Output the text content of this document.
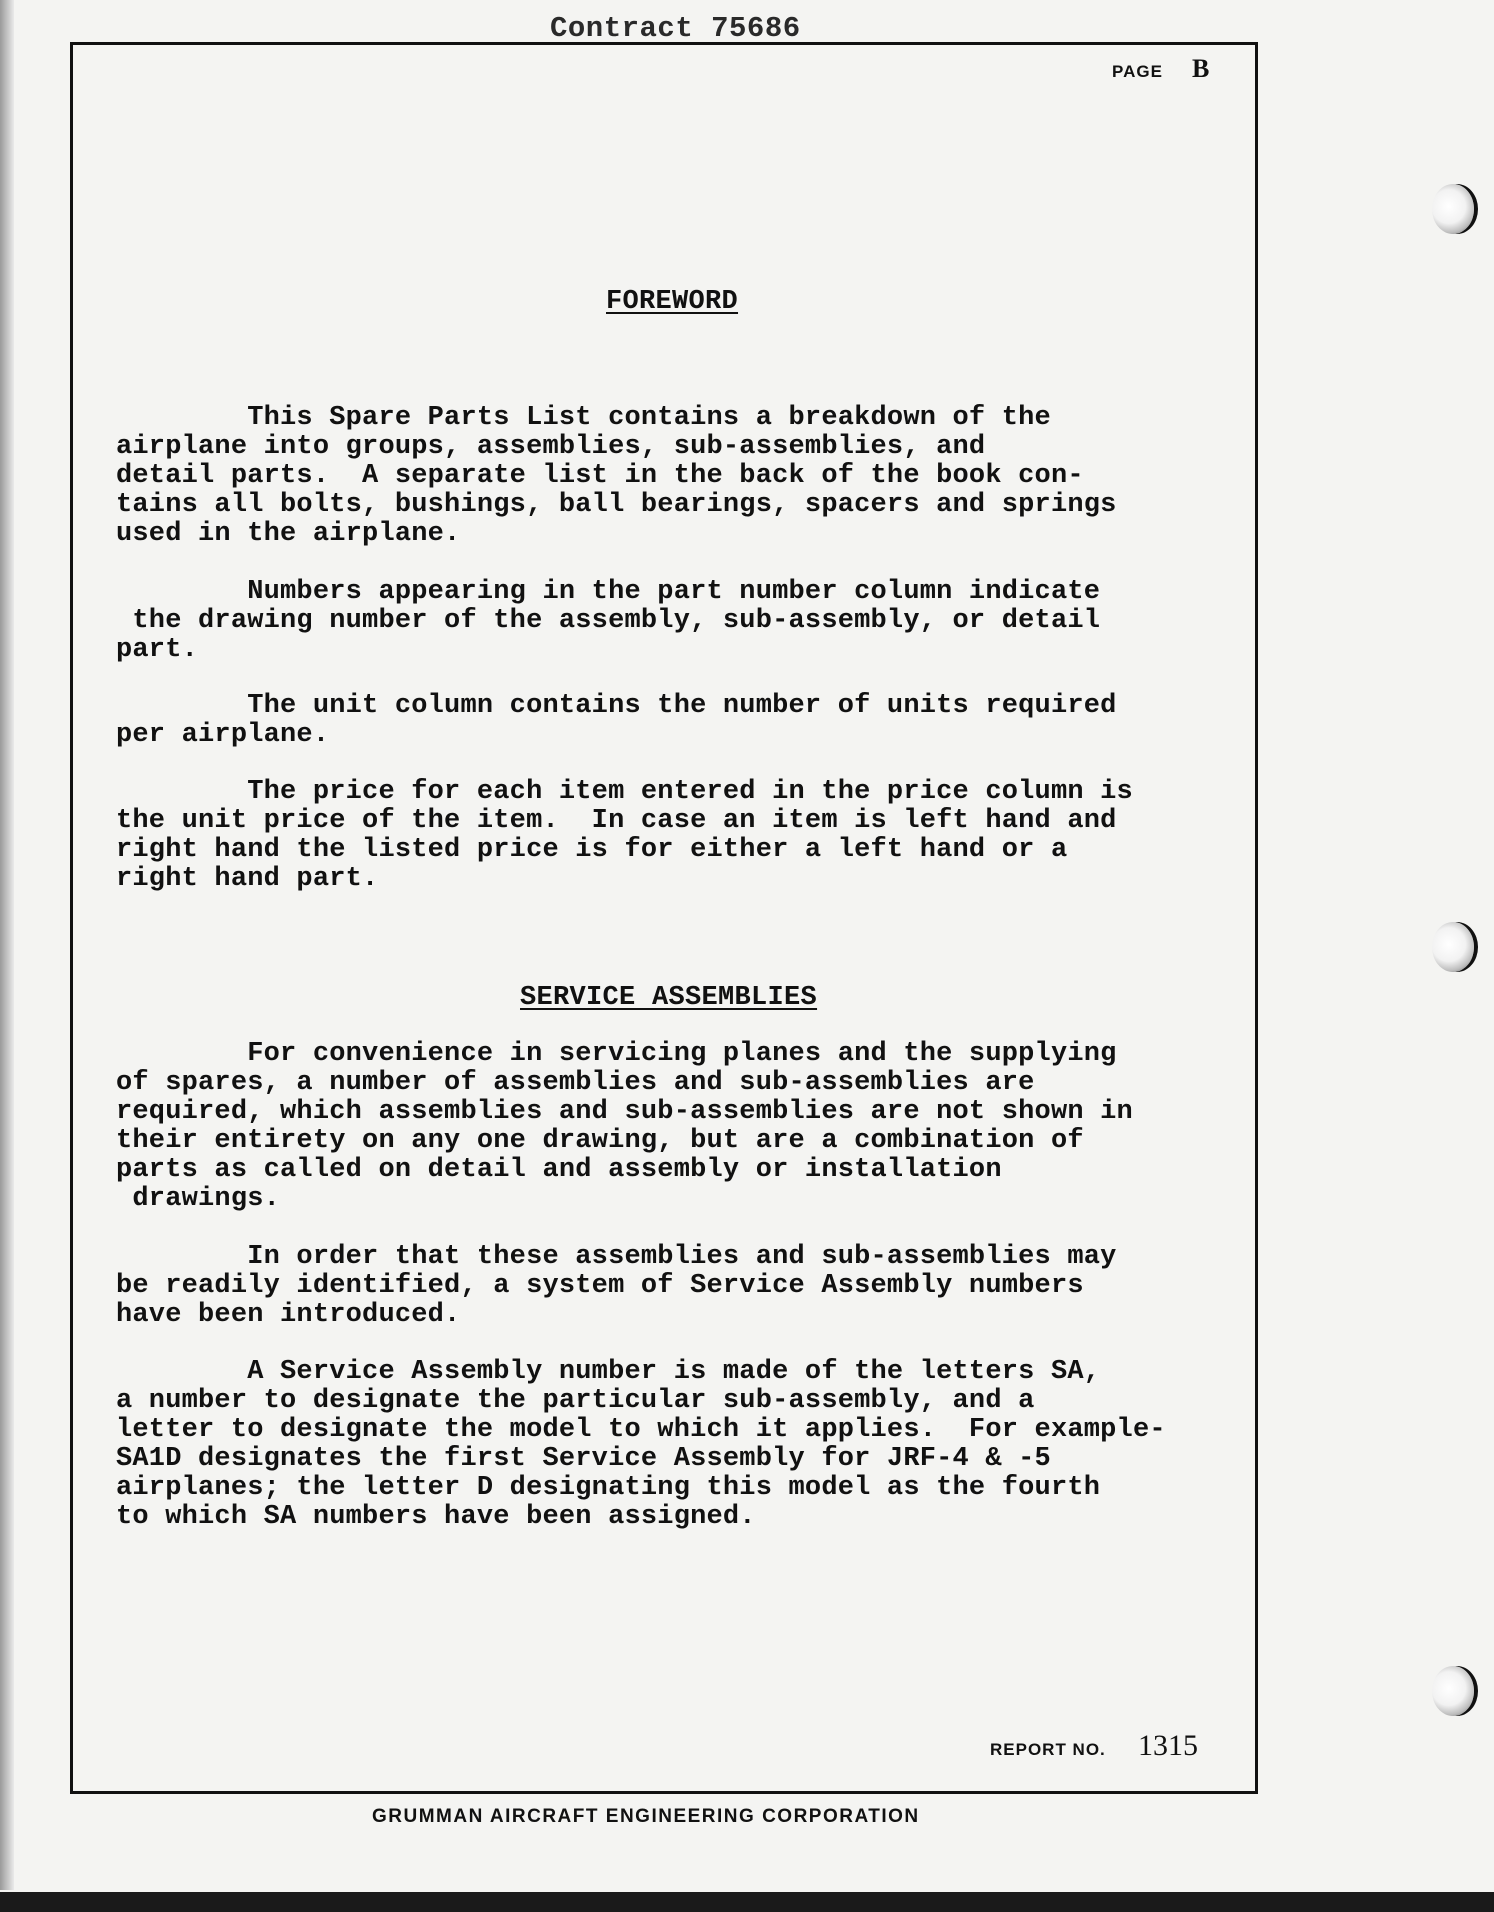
Contract 75686
PAGE B
FOREWORD
This Spare Parts List contains a breakdown of the
airplane into groups, assemblies, sub-assemblies, and
detail parts.  A separate list in the back of the book con-
tains all bolts, bushings, ball bearings, spacers and springs
used in the airplane.
Numbers appearing in the part number column indicate
the drawing number of the assembly, sub-assembly, or detail
part.
The unit column contains the number of units required
per airplane.
The price for each item entered in the price column is
the unit price of the item.  In case an item is left hand and
right hand the listed price is for either a left hand or a
right hand part.
SERVICE ASSEMBLIES
For convenience in servicing planes and the supplying
of spares, a number of assemblies and sub-assemblies are
required, which assemblies and sub-assemblies are not shown in
their entirety on any one drawing, but are a combination of
parts as called on detail and assembly or installation
drawings.
In order that these assemblies and sub-assemblies may
be readily identified, a system of Service Assembly numbers
have been introduced.
A Service Assembly number is made of the letters SA,
a number to designate the particular sub-assembly, and a
letter to designate the model to which it applies.  For example-
SA1D designates the first Service Assembly for JRF-4 & -5
airplanes; the letter D designating this model as the fourth
to which SA numbers have been assigned.
REPORT NO. 1315
GRUMMAN AIRCRAFT ENGINEERING CORPORATION
